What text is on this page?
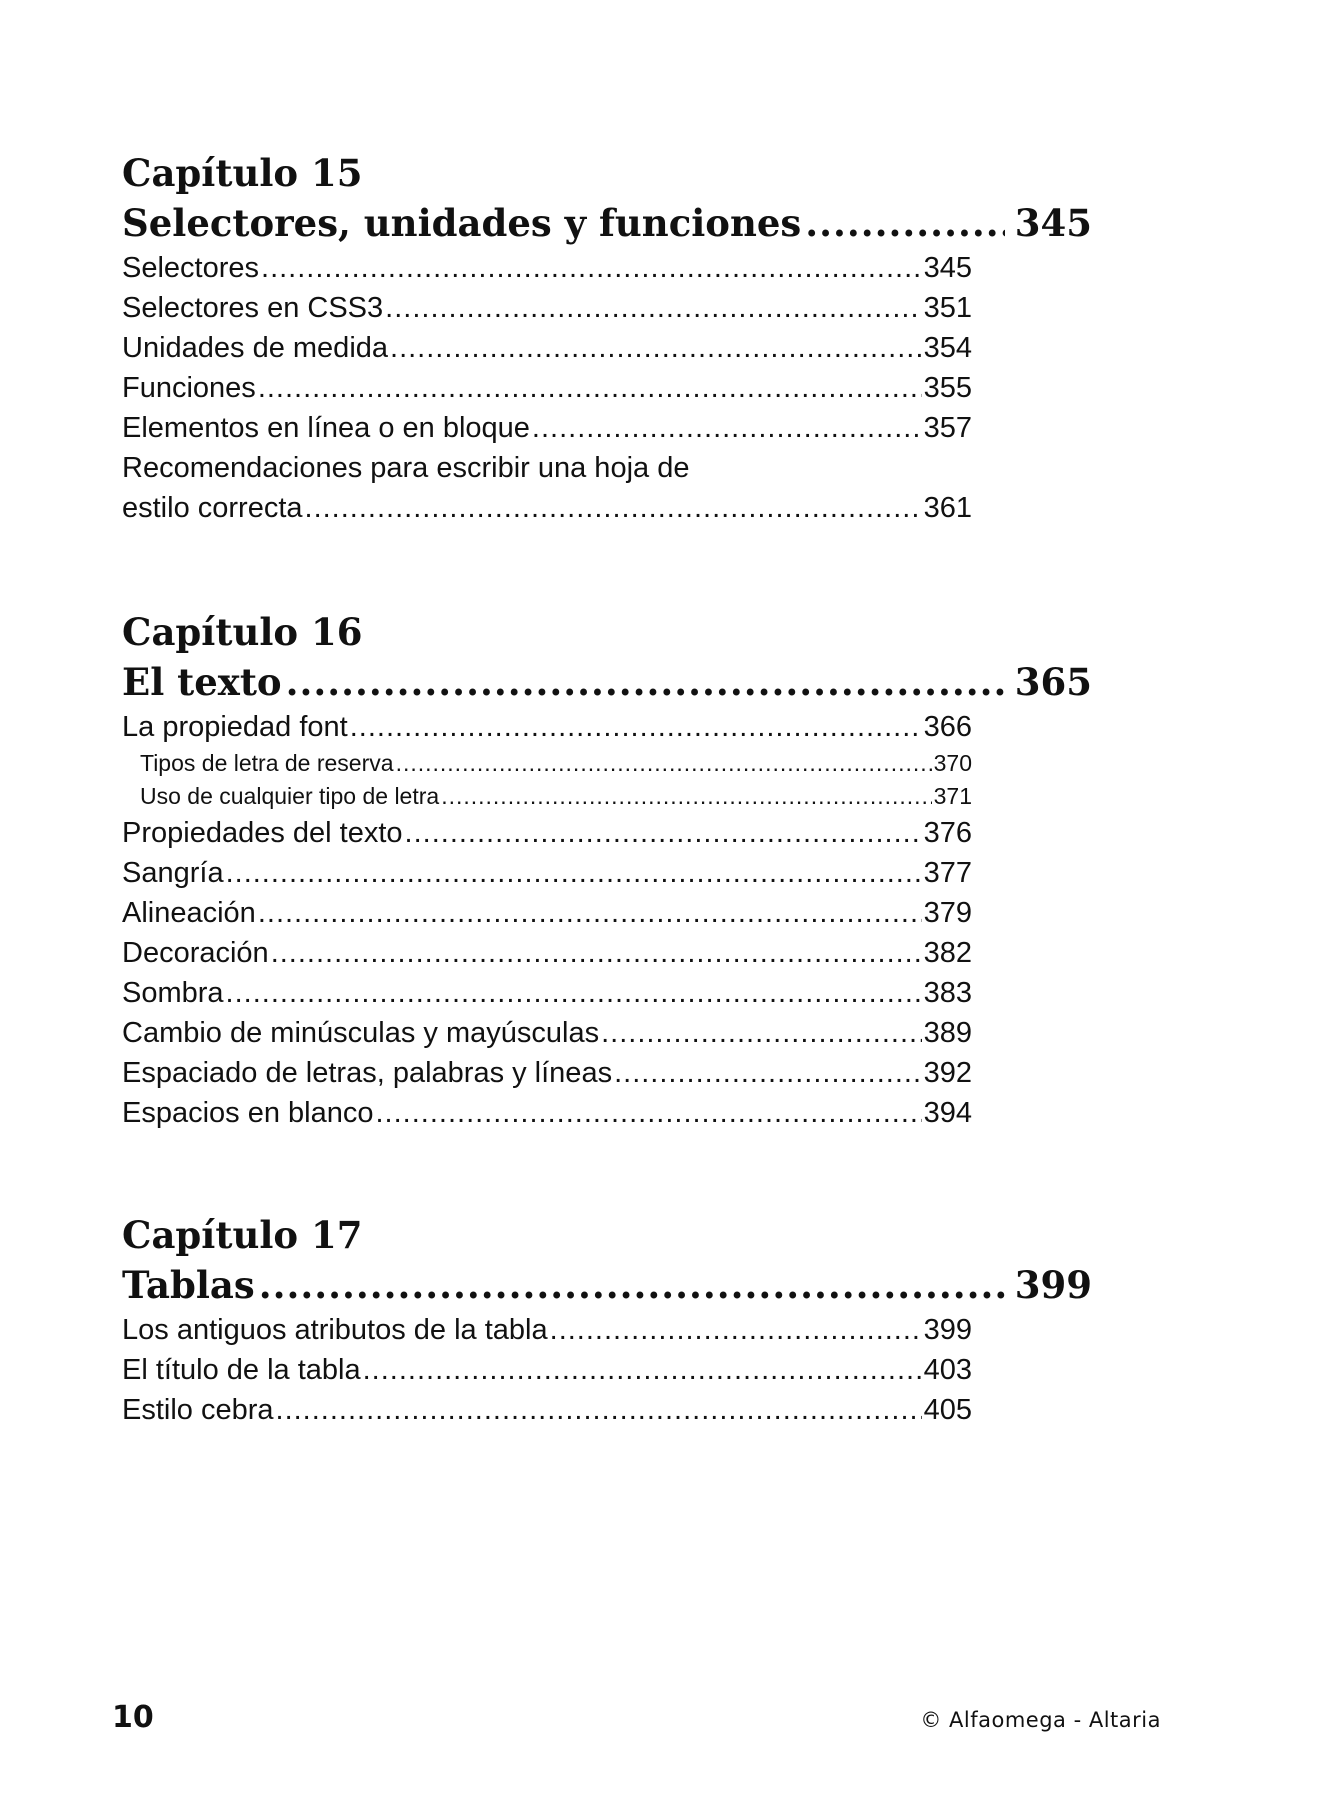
Capítulo 15
Selectores, unidades y funciones .....	345
Selectores .....	345
Selectores en CSS3 .....	351
Unidades de medida .....	354
Funciones .....	355
Elementos en línea o en bloque .....	357
Recomendaciones para escribir una hoja de
estilo correcta .....	361
Capítulo 16
El texto .....	365
La propiedad font .....	366
Tipos de letra de reserva .....	370
Uso de cualquier tipo de letra .....	371
Propiedades del texto .....	376
Sangría .....	377
Alineación .....	379
Decoración .....	382
Sombra .....	383
Cambio de minúsculas y mayúsculas .....	389
Espaciado de letras, palabras y líneas .....	392
Espacios en blanco .....	394
Capítulo 17
Tablas .....	399
Los antiguos atributos de la tabla .....	399
El título de la tabla .....	403
Estilo cebra .....	405
10	© Alfaomega - Altaria
